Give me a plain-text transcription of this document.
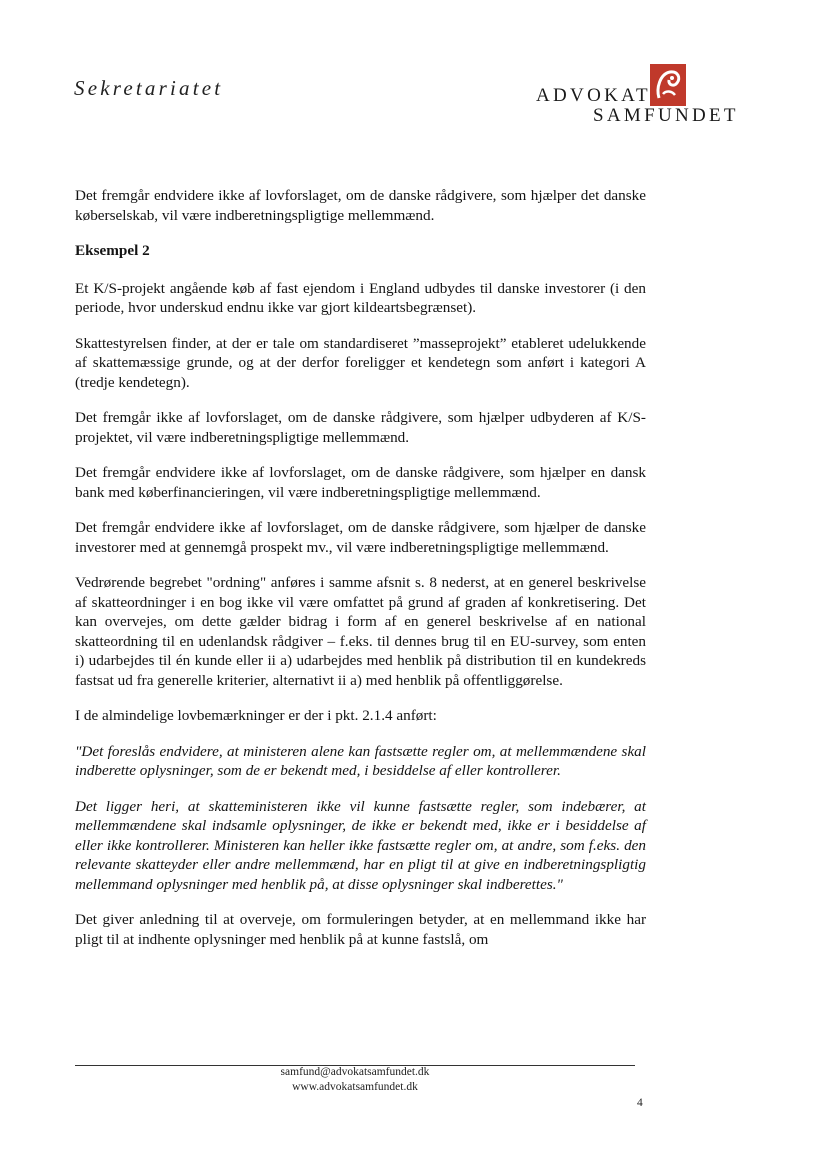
Sekretariatet	ADVOKAT
SAMFUNDET

Det fremgår endvidere ikke af lovforslaget, om de danske rådgivere, som hjælper det danske køberselskab, vil være indberetningspligtige mellemmænd.

Eksempel 2

Et K/S-projekt angående køb af fast ejendom i England udbydes til danske investorer (i den periode, hvor underskud endnu ikke var gjort kildeartsbegrænset).

Skattestyrelsen finder, at der er tale om standardiseret ”masseprojekt” etableret udelukkende af skattemæssige grunde, og at der derfor foreligger et kendetegn som anført i kategori A (tredje kendetegn).

Det fremgår ikke af lovforslaget, om de danske rådgivere, som hjælper udbyderen af K/S-projektet, vil være indberetningspligtige mellemmænd.

Det fremgår endvidere ikke af lovforslaget, om de danske rådgivere, som hjælper en dansk bank med køberfinancieringen, vil være indberetningspligtige mellemmænd.

Det fremgår endvidere ikke af lovforslaget, om de danske rådgivere, som hjælper de danske investorer med at gennemgå prospekt mv., vil være indberetningspligtige mellemmænd.

Vedrørende begrebet "ordning" anføres i samme afsnit s. 8 nederst, at en generel beskrivelse af skatteordninger i en bog ikke vil være omfattet på grund af graden af konkretisering. Det kan overvejes, om dette gælder bidrag i form af en generel beskrivelse af en national skatteordning til en udenlandsk rådgiver – f.eks. til dennes brug til en EU-survey, som enten i) udarbejdes til én kunde eller ii a) udarbejdes med henblik på distribution til en kundekreds fastsat ud fra generelle kriterier, alternativt ii a) med henblik på offentliggørelse.

I de almindelige lovbemærkninger er der i pkt. 2.1.4 anført:

"Det foreslås endvidere, at ministeren alene kan fastsætte regler om, at mellemmændene skal indberette oplysninger, som de er bekendt med, i besiddelse af eller kontrollerer.

Det ligger heri, at skatteministeren ikke vil kunne fastsætte regler, som indebærer, at mellemmændene skal indsamle oplysninger, de ikke er bekendt med, ikke er i besiddelse af eller ikke kontrollerer. Ministeren kan heller ikke fastsætte regler om, at andre, som f.eks. den relevante skatteyder eller andre mellemmænd, har en pligt til at give en indberetningspligtig mellemmand oplysninger med henblik på, at disse oplysninger skal indberettes."

Det giver anledning til at overveje, om formuleringen betyder, at en mellemmand ikke har pligt til at indhente oplysninger med henblik på at kunne fastslå, om

samfund@advokatsamfundet.dk
www.advokatsamfundet.dk
4
